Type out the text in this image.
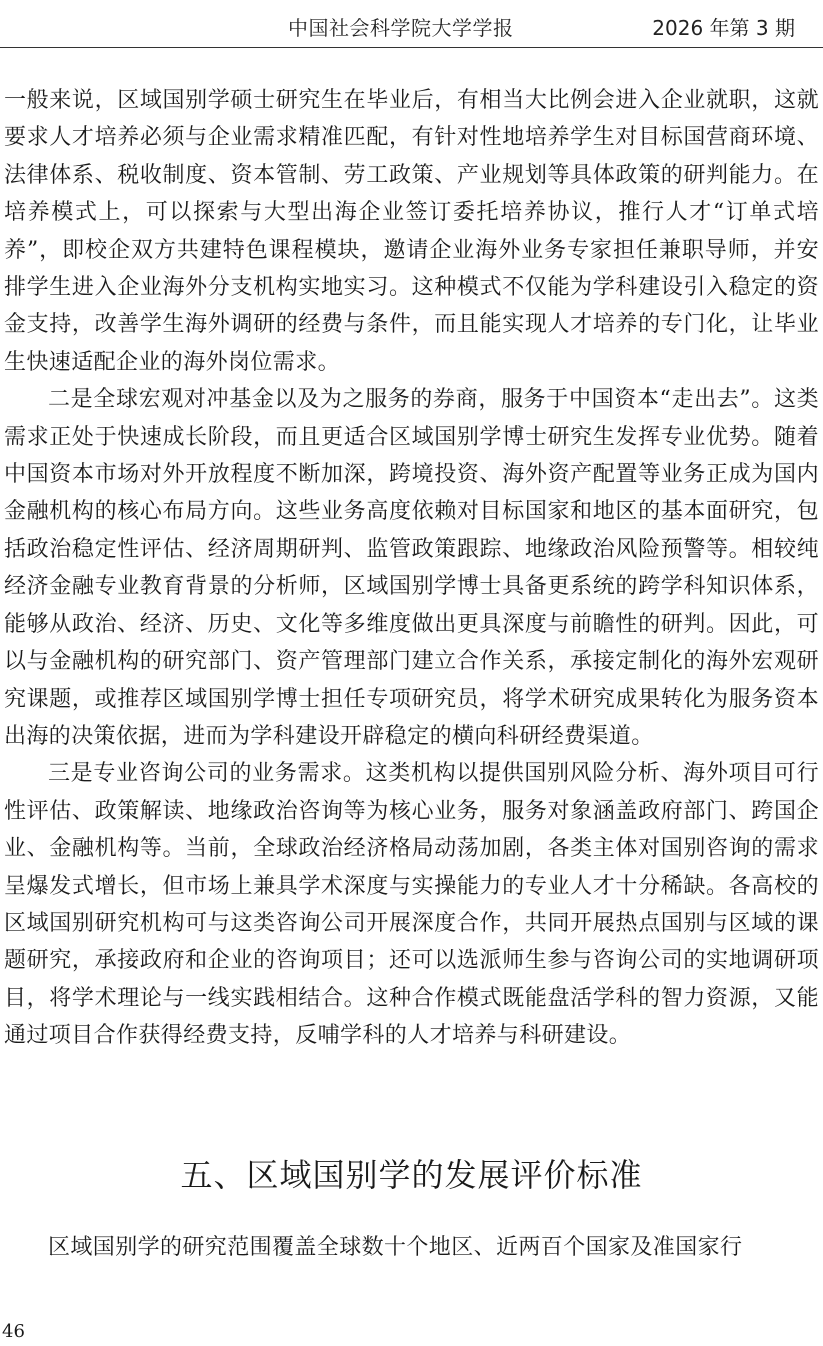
中国社会科学院大学学报	2026 年第 3 期

一般来说，区域国别学硕士研究生在毕业后，有相当大比例会进入企业就职，这就要求人才培养必须与企业需求精准匹配，有针对性地培养学生对目标国营商环境、法律体系、税收制度、资本管制、劳工政策、产业规划等具体政策的研判能力。在培养模式上，可以探索与大型出海企业签订委托培养协议，推行人才“订单式培养”，即校企双方共建特色课程模块，邀请企业海外业务专家担任兼职导师，并安排学生进入企业海外分支机构实地实习。这种模式不仅能为学科建设引入稳定的资金支持，改善学生海外调研的经费与条件，而且能实现人才培养的专门化，让毕业生快速适配企业的海外岗位需求。

二是全球宏观对冲基金以及为之服务的券商，服务于中国资本“走出去”。这类需求正处于快速成长阶段，而且更适合区域国别学博士研究生发挥专业优势。随着中国资本市场对外开放程度不断加深，跨境投资、海外资产配置等业务正成为国内金融机构的核心布局方向。这些业务高度依赖对目标国家和地区的基本面研究，包括政治稳定性评估、经济周期研判、监管政策跟踪、地缘政治风险预警等。相较纯经济金融专业教育背景的分析师，区域国别学博士具备更系统的跨学科知识体系，能够从政治、经济、历史、文化等多维度做出更具深度与前瞻性的研判。因此，可以与金融机构的研究部门、资产管理部门建立合作关系，承接定制化的海外宏观研究课题，或推荐区域国别学博士担任专项研究员，将学术研究成果转化为服务资本出海的决策依据，进而为学科建设开辟稳定的横向科研经费渠道。

三是专业咨询公司的业务需求。这类机构以提供国别风险分析、海外项目可行性评估、政策解读、地缘政治咨询等为核心业务，服务对象涵盖政府部门、跨国企业、金融机构等。当前，全球政治经济格局动荡加剧，各类主体对国别咨询的需求呈爆发式增长，但市场上兼具学术深度与实操能力的专业人才十分稀缺。各高校的区域国别研究机构可与这类咨询公司开展深度合作，共同开展热点国别与区域的课题研究，承接政府和企业的咨询项目；还可以选派师生参与咨询公司的实地调研项目，将学术理论与一线实践相结合。这种合作模式既能盘活学科的智力资源，又能通过项目合作获得经费支持，反哺学科的人才培养与科研建设。

五、区域国别学的发展评价标准

区域国别学的研究范围覆盖全球数十个地区、近两百个国家及准国家行

46
